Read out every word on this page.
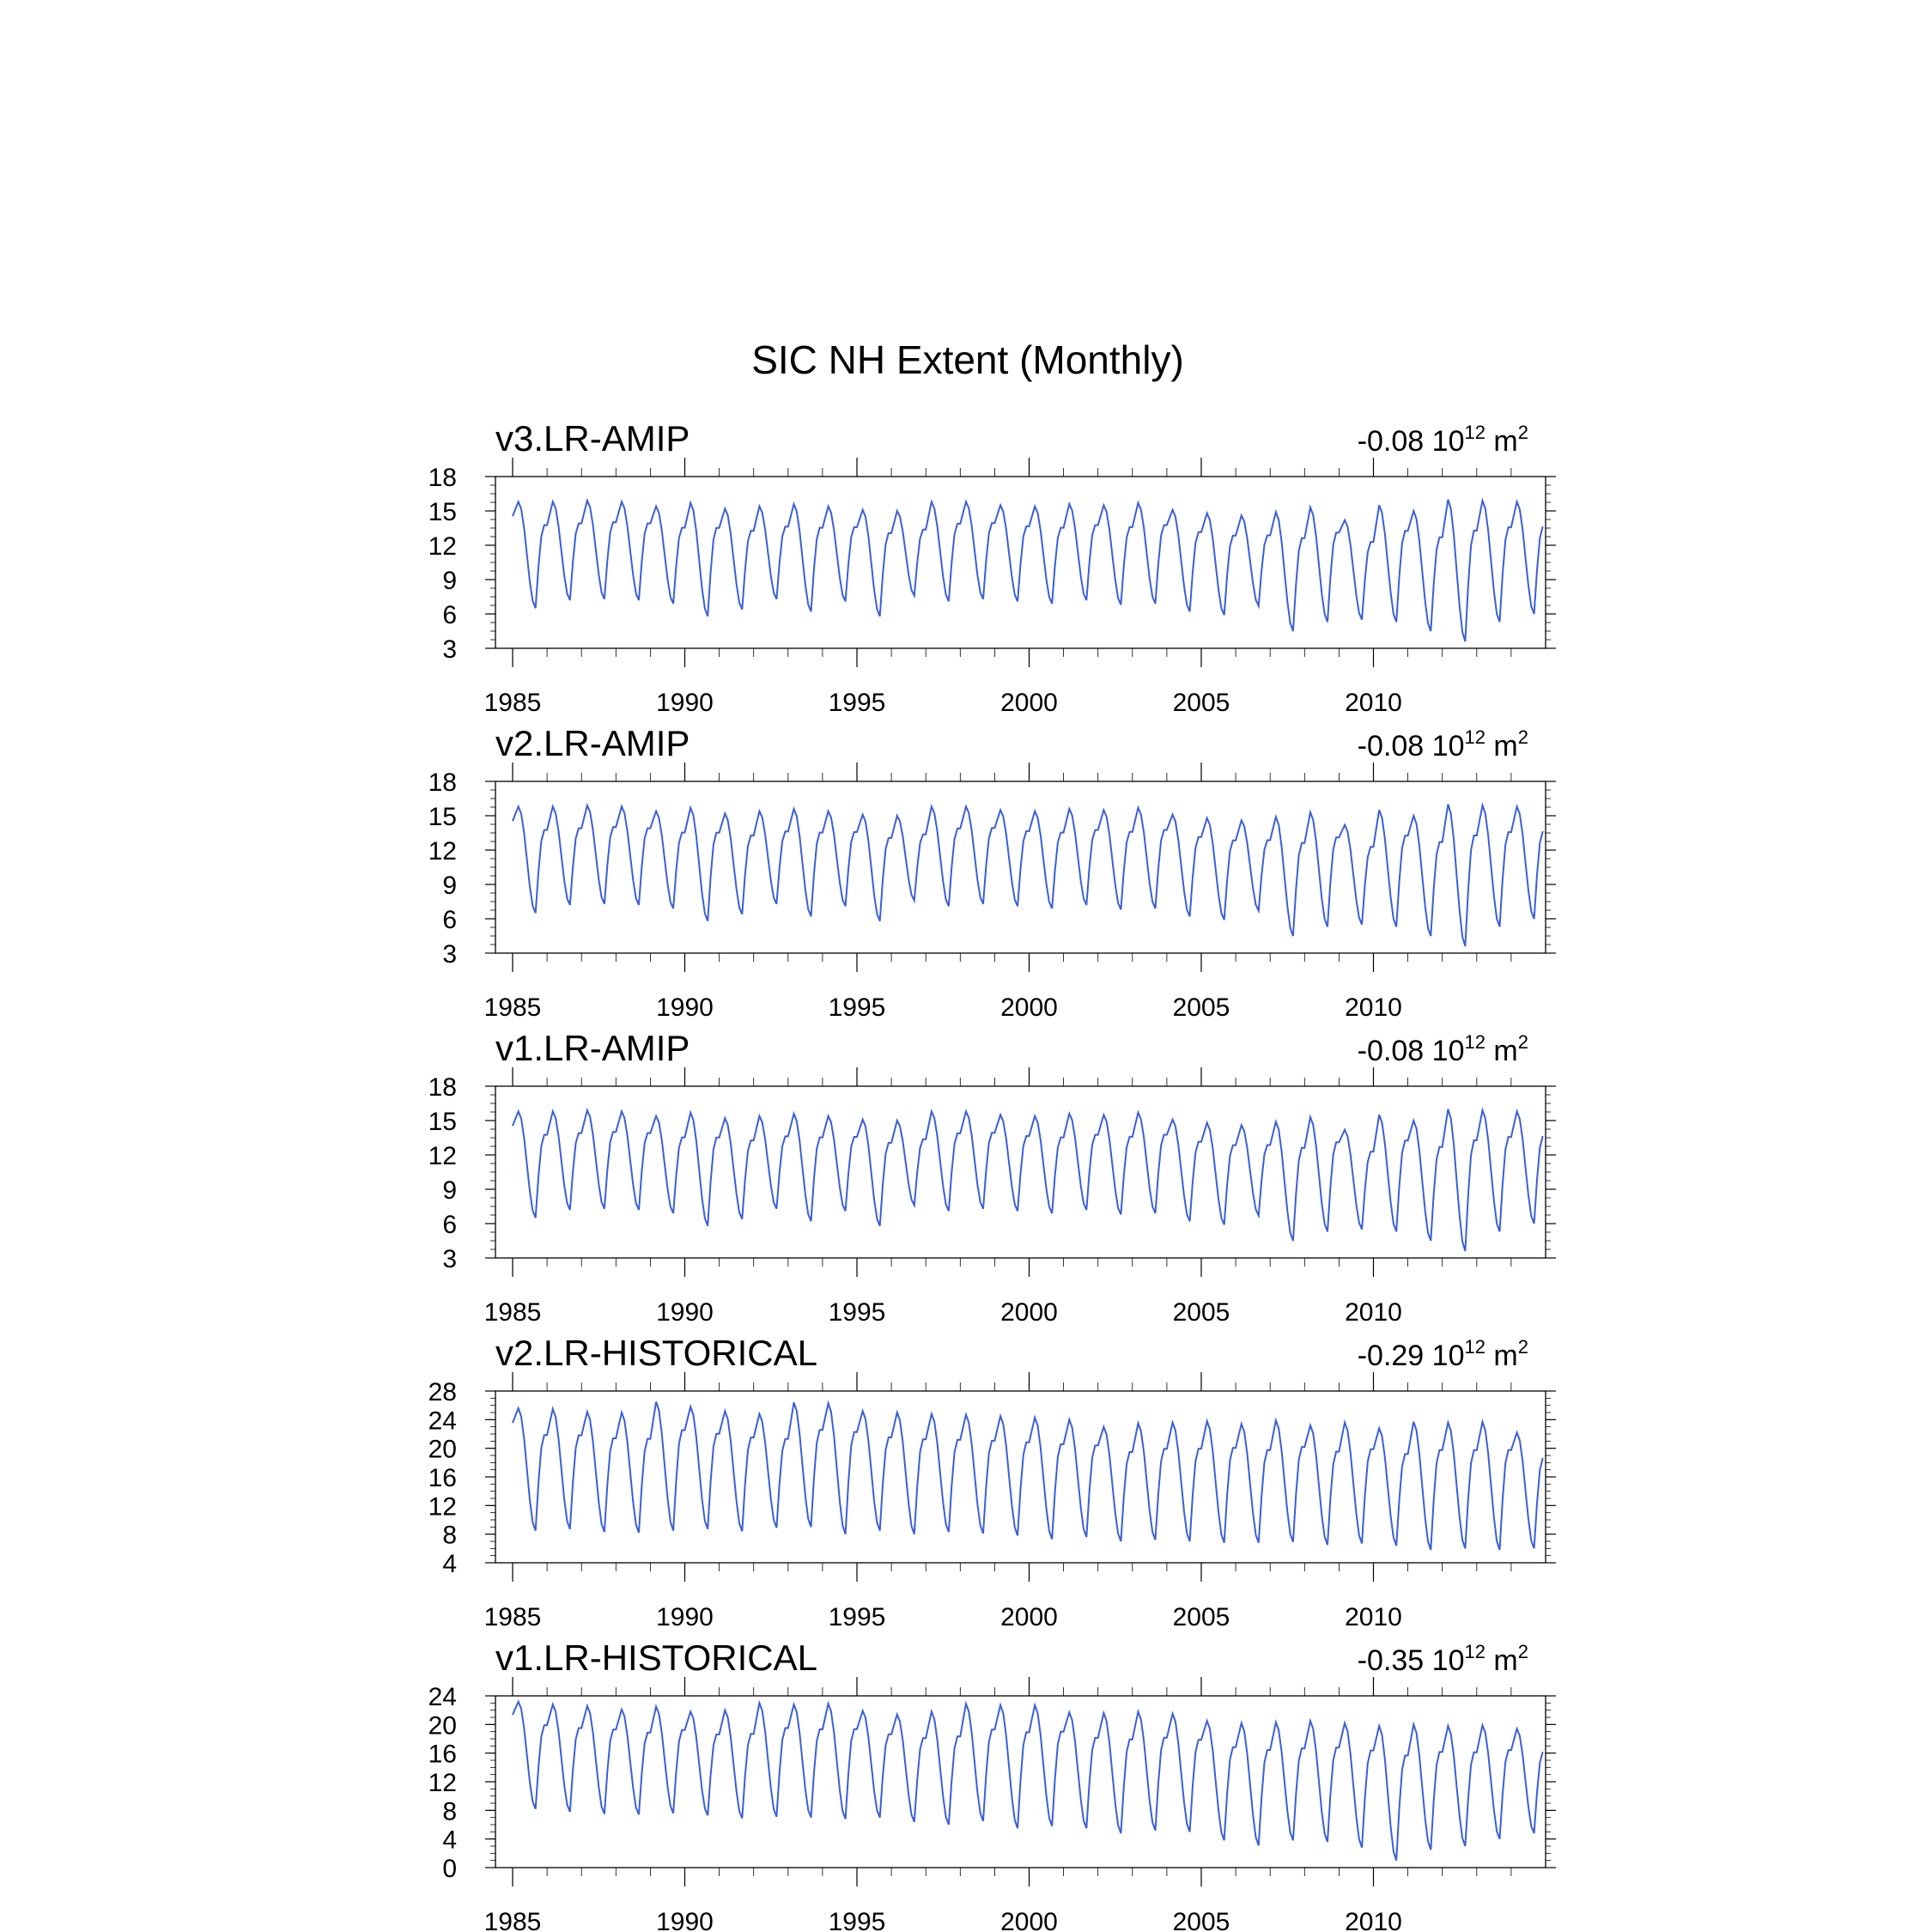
SIC NH Extent (Monthly)
v3.LR-AMIP	-0.08 $10^{12}$ $m^2$
3
6
9
12
15
18
1985	1990	1995	2000	2005	2010
v2.LR-AMIP	-0.08 $10^{12}$ $m^2$
3
6
9
12
15
18
1985	1990	1995	2000	2005	2010
v1.LR-AMIP	-0.08 $10^{12}$ $m^2$
3
6
9
12
15
18
1985	1990	1995	2000	2005	2010
v2.LR-HISTORICAL	-0.29 $10^{12}$ $m^2$
4
8
12
16
20
24
28
1985	1990	1995	2000	2005	2010
v1.LR-HISTORICAL	-0.35 $10^{12}$ $m^2$
0
4
8
12
16
20
24
1985	1990	1995	2000	2005	2010
